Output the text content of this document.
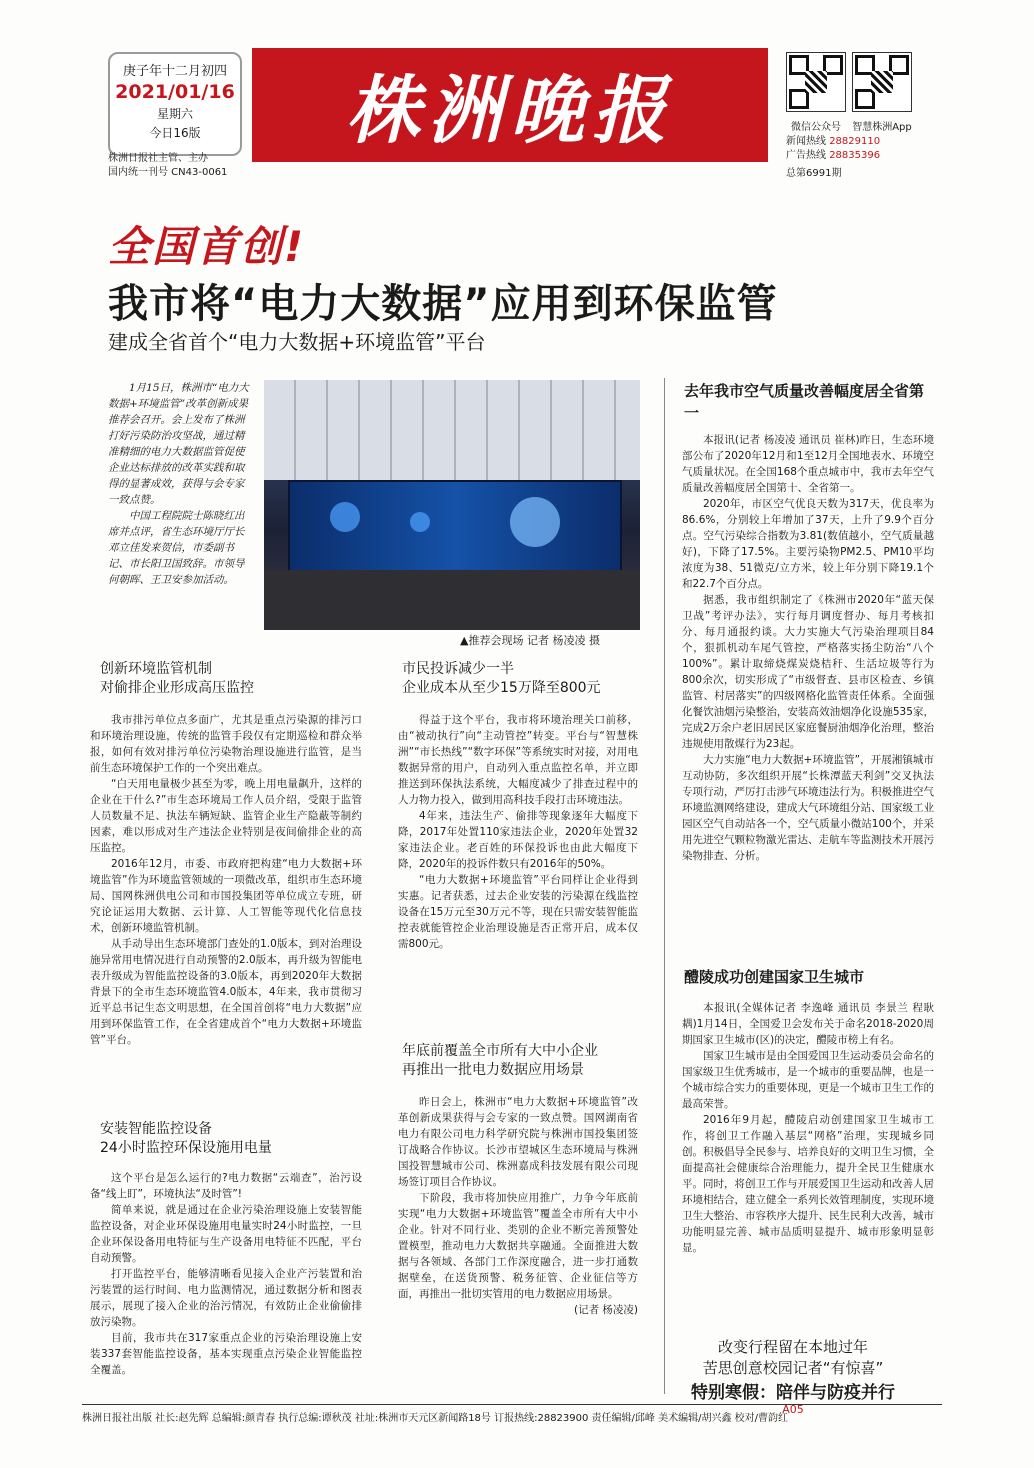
庚子年十二月初四
2021/01/16
星期六
今日16版
株洲日报社主管、主办
国内统一刊号 CN43-0061
株洲晚报	微信公众号	智慧株洲App
新闻热线 28829110
广告热线 28835396
总第6991期
全国首创!
我市将“电力大数据”应用到环保监管
建成全省首个“电力大数据+环境监管”平台

1月15日，株洲市“电力大数据+环境监管”改革创新成果推荐会召开。会上发布了株洲打好污染防治攻坚战，通过精准精细的电力大数据监管促使企业达标排放的改革实践和取得的显著成效，获得与会专家一致点赞。

中国工程院院士陈晓红出席并点评，省生态环境厅厅长邓立佳发来贺信，市委副书记、市长阳卫国致辞。市领导何朝晖、王卫安参加活动。

▲推荐会现场 记者 杨凌凌 摄
创新环境监管机制
对偷排企业形成高压监控

我市排污单位点多面广，尤其是重点污染源的排污口和环境治理设施，传统的监管手段仅有定期巡检和群众举报，如何有效对排污单位污染物治理设施进行监管，是当前生态环境保护工作的一个突出难点。

“白天用电量极少甚至为零，晚上用电量飙升，这样的企业在干什么?”市生态环境局工作人员介绍，受限于监管人员数量不足、执法车辆短缺、监管企业生产隐蔽等制约因素，难以形成对生产违法企业特别是夜间偷排企业的高压监控。

2016年12月，市委、市政府把构建“电力大数据+环境监管”作为环境监管领域的一项微改革，组织市生态环境局、国网株洲供电公司和市国投集团等单位成立专班，研究论证运用大数据、云计算、人工智能等现代化信息技术，创新环境监管机制。

从手动导出生态环境部门查处的1.0版本，到对治理设施异常用电情况进行自动预警的2.0版本，再升级为智能电表升级成为智能监控设备的3.0版本，再到2020年大数据背景下的全市生态环境监管4.0版本，4年来，我市贯彻习近平总书记生态文明思想，在全国首创将“电力大数据”应用到环保监管工作，在全省建成首个“电力大数据+环境监管”平台。

安装智能监控设备
24小时监控环保设施用电量

这个平台是怎么运行的?电力数据“云端查”，治污设备“线上盯”，环境执法“及时管”!

简单来说，就是通过在企业污染治理设施上安装智能监控设备，对企业环保设施用电量实时24小时监控，一旦企业环保设备用电特征与生产设备用电特征不匹配，平台自动预警。

打开监控平台，能够清晰看见接入企业产污装置和治污装置的运行时间、电力监测情况，通过数据分析和图表展示，展现了接入企业的治污情况，有效防止企业偷偷排放污染物。

目前，我市共在317家重点企业的污染治理设施上安装337套智能监控设备，基本实现重点污染企业智能监控全覆盖。

市民投诉减少一半
企业成本从至少15万降至800元

得益于这个平台，我市将环境治理关口前移，由“被动执行”向“主动管控”转变。平台与“智慧株洲”“市长热线”“数字环保”等系统实时对接，对用电数据异常的用户，自动列入重点监控名单，并立即推送到环保执法系统，大幅度减少了排查过程中的人力物力投入，做到用高科技手段打击环境违法。

4年来，违法生产、偷排等现象逐年大幅度下降，2017年处置110家违法企业，2020年处置32家违法企业。老百姓的环保投诉也由此大幅度下降，2020年的投诉件数只有2016年的50%。

“电力大数据+环境监管”平台同样让企业得到实惠。记者获悉，过去企业安装的污染源在线监控设备在15万元至30万元不等，现在只需安装智能监控表就能管控企业治理设施是否正常开启，成本仅需800元。

年底前覆盖全市所有大中小企业
再推出一批电力数据应用场景

昨日会上，株洲市“电力大数据+环境监管”改革创新成果获得与会专家的一致点赞。国网湖南省电力有限公司电力科学研究院与株洲市国投集团签订战略合作协议。长沙市望城区生态环境局与株洲国投智慧城市公司、株洲嘉成科技发展有限公司现场签订项目合作协议。

下阶段，我市将加快应用推广，力争今年底前实现“电力大数据+环境监管”覆盖全市所有大中小企业。针对不同行业、类别的企业不断完善预警处置模型，推动电力大数据共享融通。全面推进大数据与各领域、各部门工作深度融合，进一步打通数据壁垒，在送货预警、税务征管、企业征信等方面，再推出一批切实管用的电力数据应用场景。

(记者 杨凌凌)

去年我市空气质量改善幅度居全省第一

本报讯(记者 杨凌凌 通讯员 崔林)昨日，生态环境部公布了2020年12月和1至12月全国地表水、环境空气质量状况。在全国168个重点城市中，我市去年空气质量改善幅度居全国第十、全省第一。

2020年，市区空气优良天数为317天，优良率为86.6%，分别较上年增加了37天，上升了9.9个百分点。空气污染综合指数为3.81(数值越小，空气质量越好)，下降了17.5%。主要污染物PM2.5、PM10平均浓度为38、51微克/立方米，较上年分别下降19.1个和22.7个百分点。

据悉，我市组织制定了《株洲市2020年“蓝天保卫战”考评办法》，实行每月调度督办、每月考核扣分、每月通报约谈。大力实施大气污染治理项目84个，狠抓机动车尾气管控，严格落实扬尘防治“八个100%”。累计取缔烧煤炭烧桔秆、生活垃圾等行为800余次，切实形成了“市级督查、县市区检查、乡镇监管、村居落实”的四级网格化监管责任体系。全面强化餐饮油烟污染整治，安装高效油烟净化设施535家，完成2万余户老旧居民区家庭餐厨油烟净化治理，整治违规使用散煤行为23起。

大力实施“电力大数据+环境监管”，开展湘镇城市互动协防，多次组织开展“长株潭蓝天利剑”交叉执法专项行动，严厉打击涉气环境违法行为。积极推进空气环境监测网络建设，建成大气环境组分站、国家级工业园区空气自动站各一个，空气质量小微站100个，并采用先进空气颗粒物激光雷达、走航车等监测技术开展污染物排查、分析。

醴陵成功创建国家卫生城市

本报讯(全媒体记者 李逸峰 通讯员 李景兰 程耿耦)1月14日，全国爱卫会发布关于命名2018-2020周期国家卫生城市(区)的决定，醴陵市榜上有名。

国家卫生城市是由全国爱国卫生运动委员会命名的国家级卫生优秀城市，是一个城市的重要品牌，也是一个城市综合实力的重要体现，更是一个城市卫生工作的最高荣誉。

2016年9月起，醴陵启动创建国家卫生城市工作，将创卫工作融入基层“网格”治理，实现城乡同创。积极倡导全民参与、培养良好的文明卫生习惯，全面提高社会健康综合治理能力，提升全民卫生健康水平。同时，将创卫工作与开展爱国卫生运动和改善人居环境相结合，建立健全一系列长效管理制度，实现环境卫生大整治、市容秩序大提升、民生民利大改善，城市功能明显完善、城市品质明显提升、城市形象明显彰显。

改变行程留在本地过年
苦思创意校园记者“有惊喜”
特别寒假：陪伴与防疫并行
A05
株洲日报社出版 社长:赵先辉 总编辑:颜青春 执行总编:谭秋茂 社址:株洲市天元区新闻路18号 订报热线:28823900 责任编辑/邱峰 美术编辑/胡兴鑫 校对/曹韵红
